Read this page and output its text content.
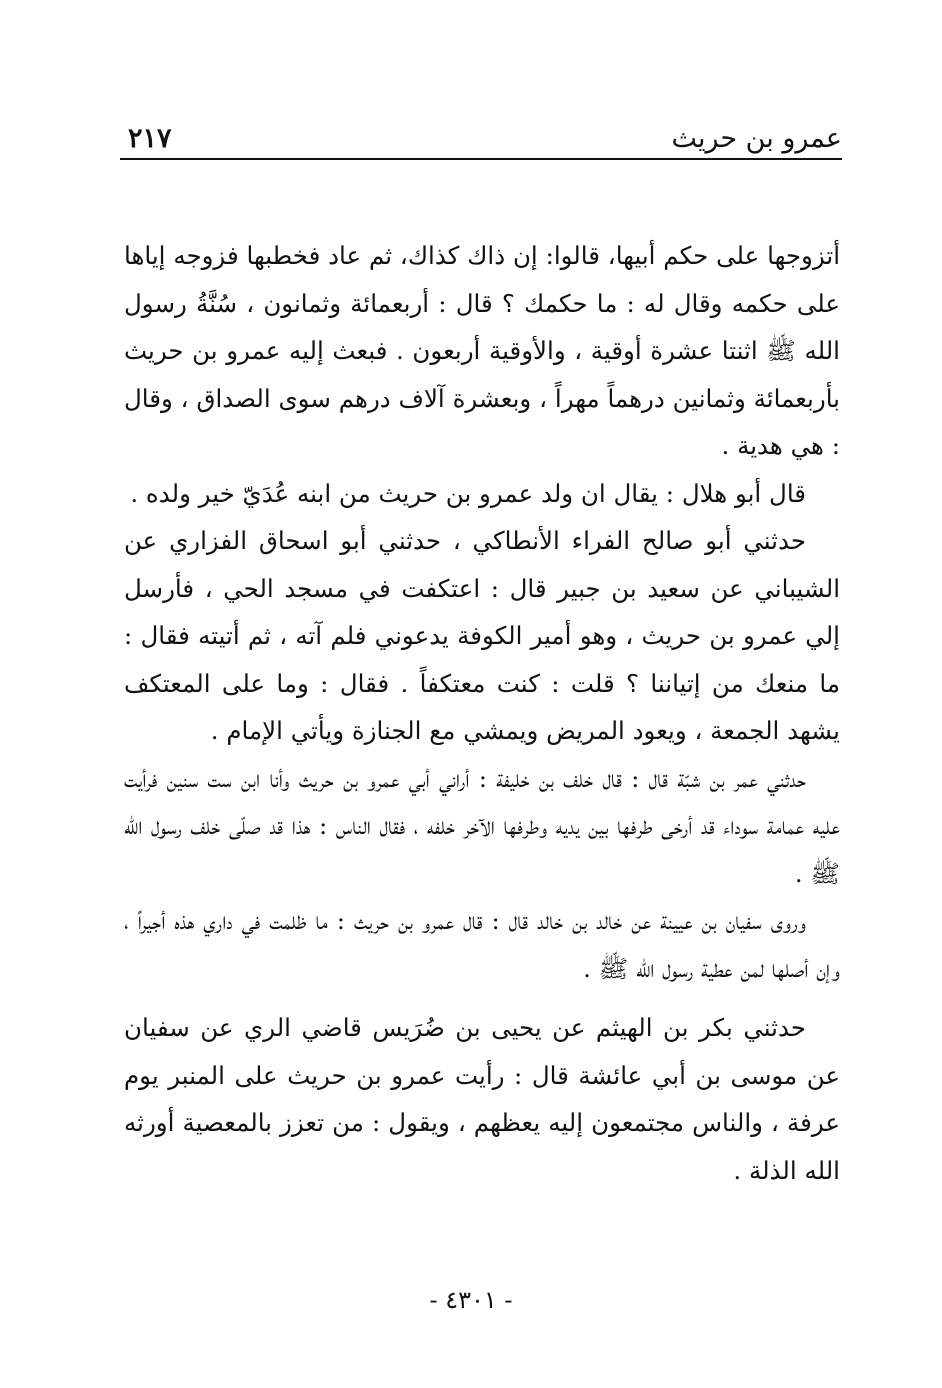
عمرو بن حريث
٢١٧

أتزوجها على حكم أبيها، قالوا: إن ذاك كذاك، ثم عاد فخطبها فزوجه إياها على حكمه وقال له : ما حكمك ؟ قال : أربعمائة وثمانون ، سُنَّةُ رسول الله ﷺ اثنتا عشرة أوقية ، والأوقية أربعون . فبعث إليه عمرو بن حريث بأربعمائة وثمانين درهماً مهراً ، وبعشرة آلاف درهم سوى الصداق ، وقال : هي هدية .

قال أبو هلال : يقال ان ولد عمرو بن حريث من ابنه عُدَيّ خير ولده .

حدثني أبو صالح الفراء الأنطاكي ، حدثني أبو اسحاق الفزاري عن الشيباني عن سعيد بن جبير قال : اعتكفت في مسجد الحي ، فأرسل إلي عمرو بن حريث ، وهو أمير الكوفة يدعوني فلم آته ، ثم أتيته فقال : ما منعك من إتياننا ؟ قلت : كنت معتكفاً . فقال : وما على المعتكف يشهد الجمعة ، ويعود المريض ويمشي مع الجنازة ويأتي الإمام .

حدثني عمر بن شبّة قال : قال خلف بن خليفة : أراني أبي عمرو بن حريث وأنا ابن ست سنين فرأيت عليه عمامة سوداء قد أرخى طرفها بين يديه وطرفها الآخر خلفه ، فقال الناس : هذا قد صلّى خلف رسول الله ﷺ .

وروى سفيان بن عيينة عن خالد بن خالد قال : قال عمرو بن حريث : ما ظلمت في داري هذه أجيراً ، وإن أصلها لمن عطية رسول الله ﷺ .

حدثني بكر بن الهيثم عن يحيى بن ضُرَيس قاضي الري عن سفيان عن موسى بن أبي عائشة قال : رأيت عمرو بن حريث على المنبر يوم عرفة ، والناس مجتمعون إليه يعظهم ، ويقول : من تعزز بالمعصية أورثه الله الذلة .

- ٤٣٠١ -
